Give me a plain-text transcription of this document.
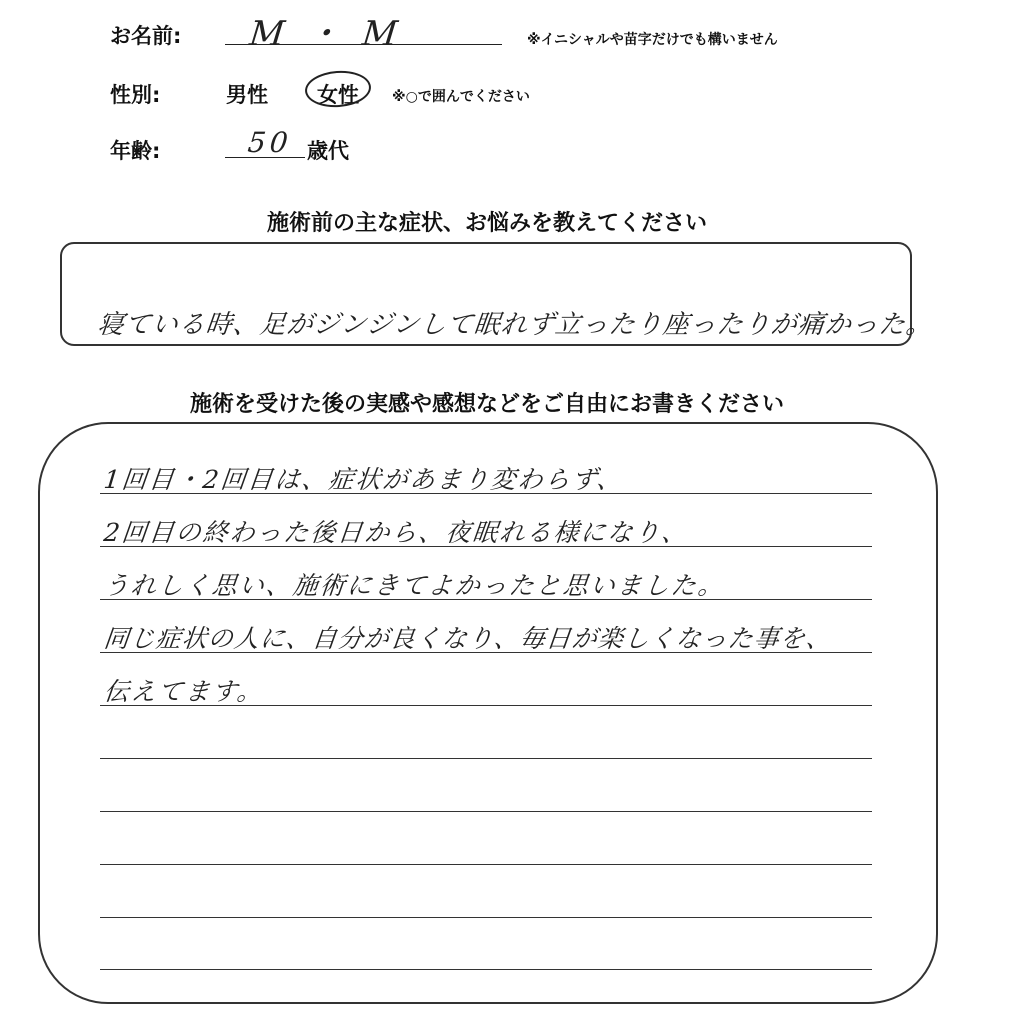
お名前: M・M	※イニシャルや苗字だけでも構いません
性別:	男性 女性 ※○で囲んでください
年齢:	50 歳代
施術前の主な症状、お悩みを教えてください
寝ている時、足がジンジンして眠れず立ったり座ったりが痛かった。
施術を受けた後の実感や感想などをご自由にお書きください
1回目・2回目は、症状があまり変わらず、
2回目の終わった後日から、夜眠れる様になり、
うれしく思い、施術にきてよかったと思いました。
同じ症状の人に、自分が良くなり、毎日が楽しくなった事を、
伝えてます。
